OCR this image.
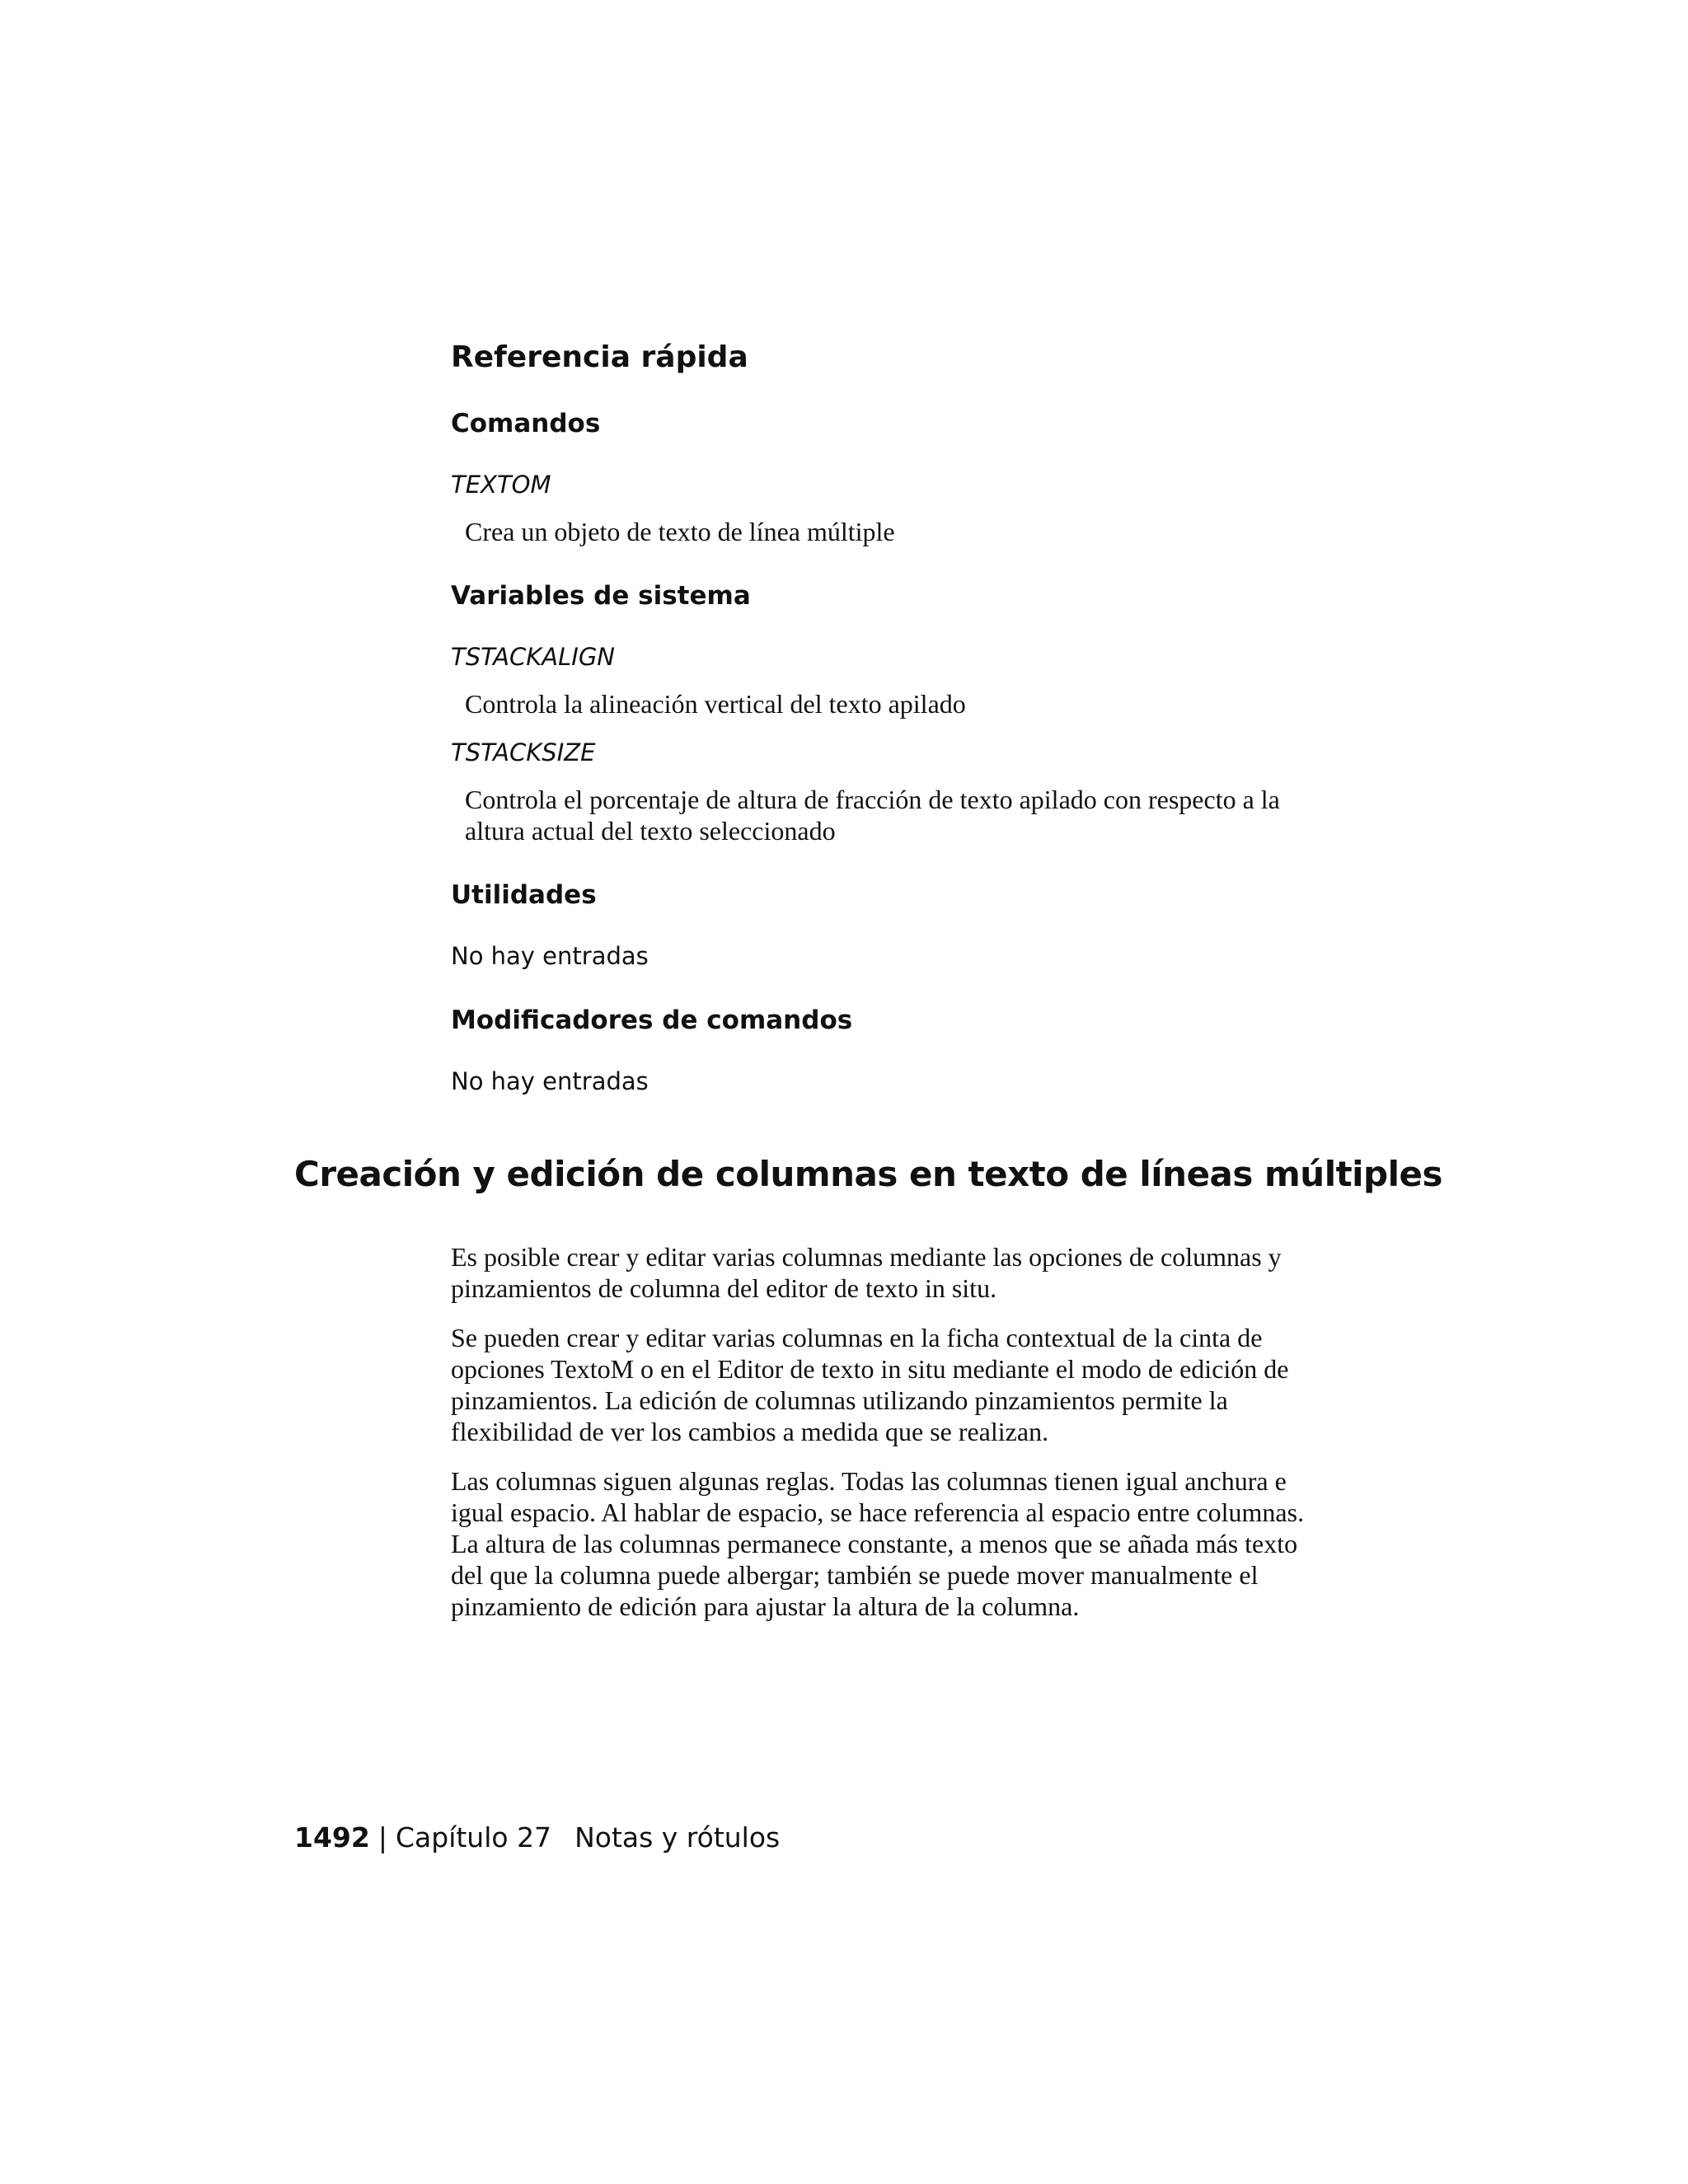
Referencia rápida
Comandos
TEXTOM
Crea un objeto de texto de línea múltiple
Variables de sistema
TSTACKALIGN
Controla la alineación vertical del texto apilado
TSTACKSIZE
Controla el porcentaje de altura de fracción de texto apilado con respecto a la altura actual del texto seleccionado
Utilidades
No hay entradas
Modificadores de comandos
No hay entradas
Creación y edición de columnas en texto de líneas múltiples

Es posible crear y editar varias columnas mediante las opciones de columnas y pinzamientos de columna del editor de texto in situ.

Se pueden crear y editar varias columnas en la ficha contextual de la cinta de opciones TextoM o en el Editor de texto in situ mediante el modo de edición de pinzamientos. La edición de columnas utilizando pinzamientos permite la flexibilidad de ver los cambios a medida que se realizan.

Las columnas siguen algunas reglas. Todas las columnas tienen igual anchura e igual espacio. Al hablar de espacio, se hace referencia al espacio entre columnas. La altura de las columnas permanece constante, a menos que se añada más texto del que la columna puede albergar; también se puede mover manualmente el pinzamiento de edición para ajustar la altura de la columna.

1492 | Capítulo 27 Notas y rótulos
